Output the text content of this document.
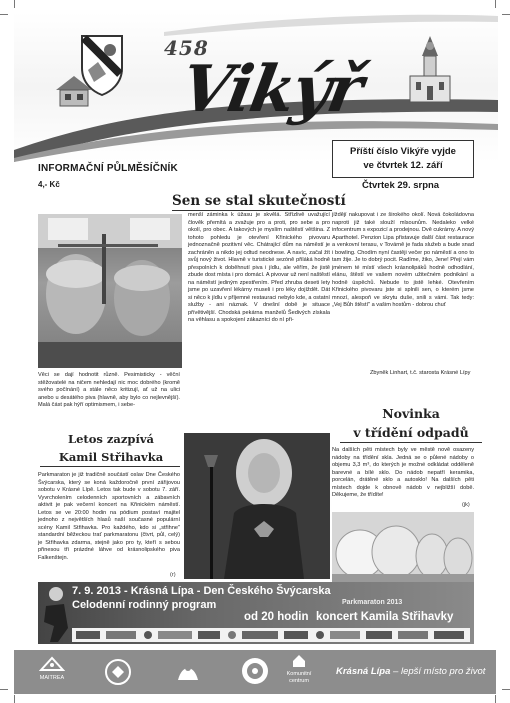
458
Vikýř
INFORMAČNÍ PŮLMĚSÍČNÍK
4,- Kč
Příští číslo Vikýře vyjde
ve čtvrtek 12. září
Čtvrtek 29. srpna
Sen se stal skutečností

Věci se dají hodnotit různě. Pesimisticky - věční stěžovatelé na ničem nehledají nic moc dobrého (kromě svého počínání) a stále něco kritizují, ať už na ulici anebo u desátého piva (hlavně, aby bylo co nejlevnější). Malá část pak hýří optimismem, i sebe-

menší záminka k úžasu je skvělá. Střízlivě uvažující člověk přemítá a zvažuje pro a proti, pro sebe a pro okolí, pro obec. A takových je myslím naštěstí většina. Z tohoto pohledu je otevření Křinického pivovaru jednoznačně pozitivní věc. Chátrající dům na náměstí je zachráněn a nikdo jej odtud neodnese. A navíc, začal žít svůj nový život. Hlavně v turistické sezóně přiláká hodně přespolních k doběhnutí piva i jídlu, ale věřím, že jistě zbude dost místa i pro domácí. A pivovar už není naštěstí na náměstí jediným zpestřením. Před zhruba deseti lety jsme po uzavření lékárny museli i pro léky dojíždět. Dát si něco k jídlu v příjemné restauraci nebylo kde, a ostatní služby - ani náznak. V dnešní době je situace přívětivější. Chodská pekárna manželů Šedivých získala na věhlasu a spokojení zákazníci do ní při-

jíždějí nakupovat i ze širokého okolí. Nová čokoládovna naproti již také slouží mlsounům. Nedaleko velké infocentrum s expozicí a prodejnou. Dvě cukrárny. A nový Aparthotel. Penzion Lipa přistavuje další část restaurace a venkovní terasu, v Továrně je fada služeb a bude snad i bowling. Chodím nyní častěji večer po náměstí a ono to tam žije. Je to dobrý pocit. Radíme, žiko, Jene! Přejí vám jménem té místí všech krásnolipáků hodně odhodlání, elánu, štěstí ve vašem novém užitečném podnikání a hodně úspěchů. Nebude to jistě lehké. Otevřením Křinického pivovaru jste si splnili sen, o kterém jsme mnozí, alespoň ve skrytu duše, snili s vámi. Tak tedy: „Vej Bůh štěstí" a vašim hostům - dobrou chuť

Zbyněk Linhart, t.č. starosta Krásné Lípy
Novinka
v třídění odpadů

Na dalších pěti místech byly ve městě nově osazeny nádoby na třídění skla. Jedná se o půlené nádoby o objemu 3,3 m³, do kterých je možné odkládat odděleně barevné a bílé sklo. Do nádob nepatří keramika, porcelán, drátěné sklo a autosklo! Na dalších pěti místech dojde k obnově nádob v nejbližší době. Děkujeme, že třídíte!

(jk)
Letos zazpívá
Kamil Střihavka

Parkmaraton je již tradičně součástí oslav Dne Českého Švýcarska, který se koná každoročně první zářijovou sobotu v Krásné Lípě. Letos tak bude v sobotu 7. září. Vyvrcholením celodenních sportovních a zábavních aktivit je pak večerní koncert na Křinickém náměstí. Letos se ve 20:00 hodin na pódium postaví majitel jednoho z největších hlasů naší současné populární scény Kamil Střihavka. Pro každého, kdo si „střihne" standardní běžeckou trať parkmaratonu (čtvrt, půl, celý) je Střihavka zdarma, stejně jako pro ty, kteří s sebou přinesou tři prázdné láhve od krásnolipského piva Falkenštejn.

(r)
7. 9. 2013 - Krásná Lípa - Den Českého Švýcarska
Celodenní rodinný program	Parkmaraton 2013
od 20 hodin koncert Kamila Střihavky
MAITREA
Komunitní
centrum
Krásná Lípa – lepší místo pro život
